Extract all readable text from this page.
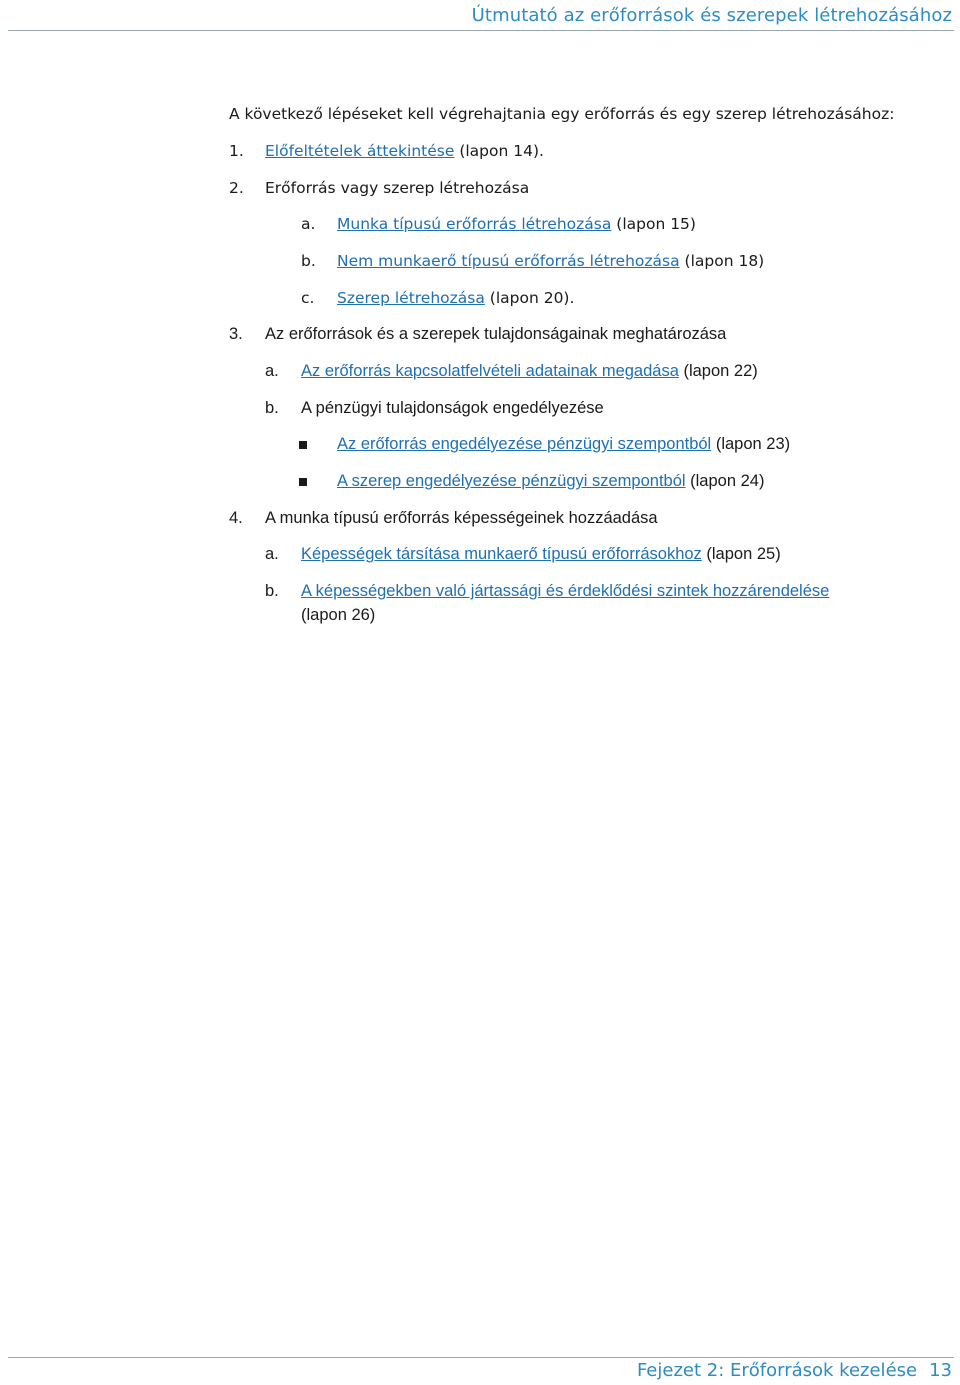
Útmutató az erőforrások és szerepek létrehozásához
A következő lépéseket kell végrehajtania egy erőforrás és egy szerep létrehozásához:
1. Előfeltételek áttekintése (lapon 14).
2. Erőforrás vagy szerep létrehozása
a. Munka típusú erőforrás létrehozása (lapon 15)
b. Nem munkaerő típusú erőforrás létrehozása (lapon 18)
c. Szerep létrehozása (lapon 20).
3. Az erőforrások és a szerepek tulajdonságainak meghatározása
a. Az erőforrás kapcsolatfelvételi adatainak megadása (lapon 22)
b. A pénzügyi tulajdonságok engedélyezése
Az erőforrás engedélyezése pénzügyi szempontból (lapon 23)
A szerep engedélyezése pénzügyi szempontból (lapon 24)
4. A munka típusú erőforrás képességeinek hozzáadása
a. Képességek társítása munkaerő típusú erőforrásokhoz (lapon 25)
b. A képességekben való jártassági és érdeklődési szintek hozzárendelése
(lapon 26)
Fejezet 2: Erőforrások kezelése 13
